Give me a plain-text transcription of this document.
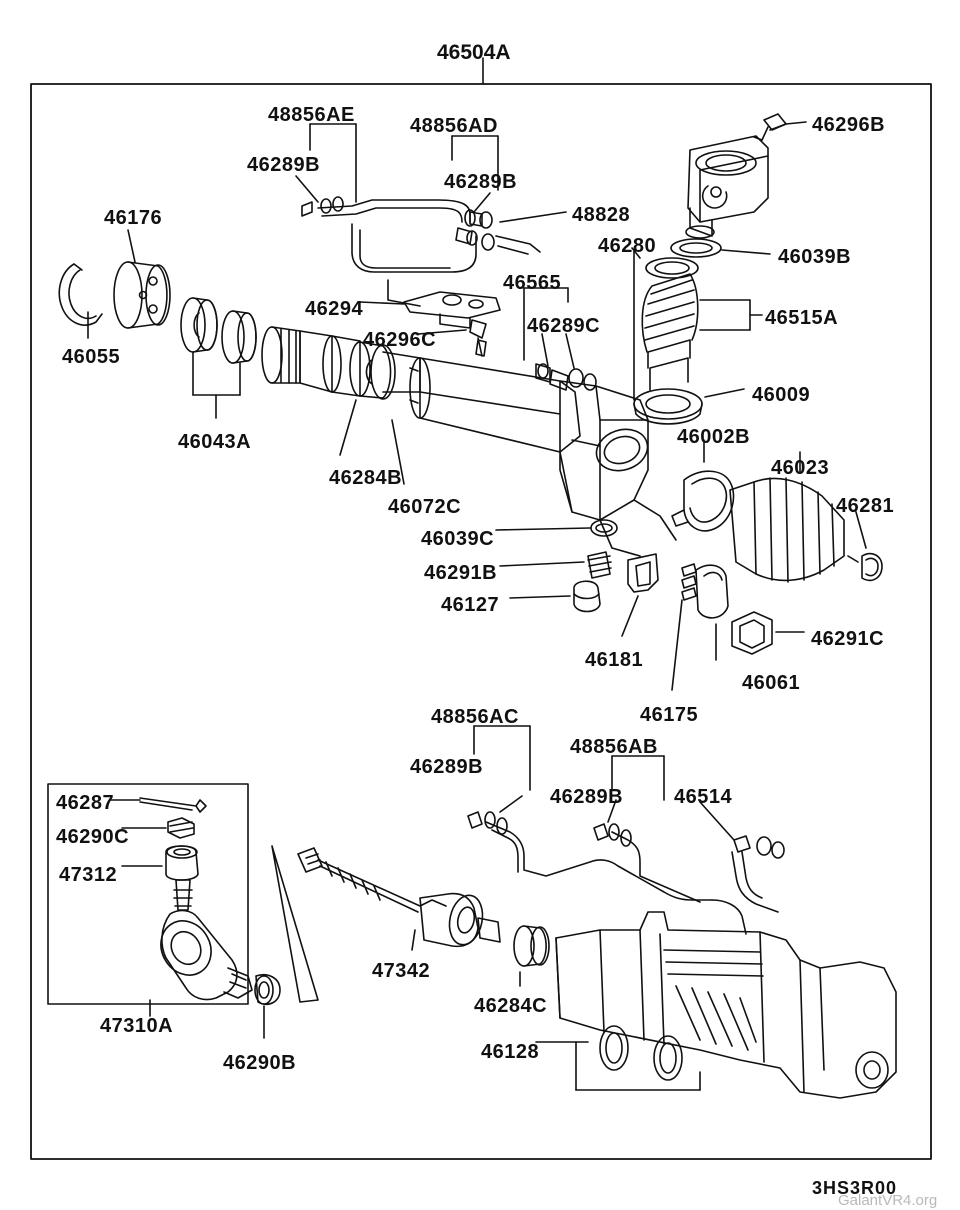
46504A
48856AE	48856AD	46296B
46289B
46289B
48828
46176
46280	46039B
46565
46294	46515A
46289C
46296C
46055
46009
46002B
46043A
46023
46284B
46281
46072C
46039C
46291B
46127
46291C
46181
46061
46175
48856AC
48856AB
46289B
46289B	46514
46287
46290C
47312
47342
46284C
47310A
46128
46290B
3HS3R00
GalantVR4.org
